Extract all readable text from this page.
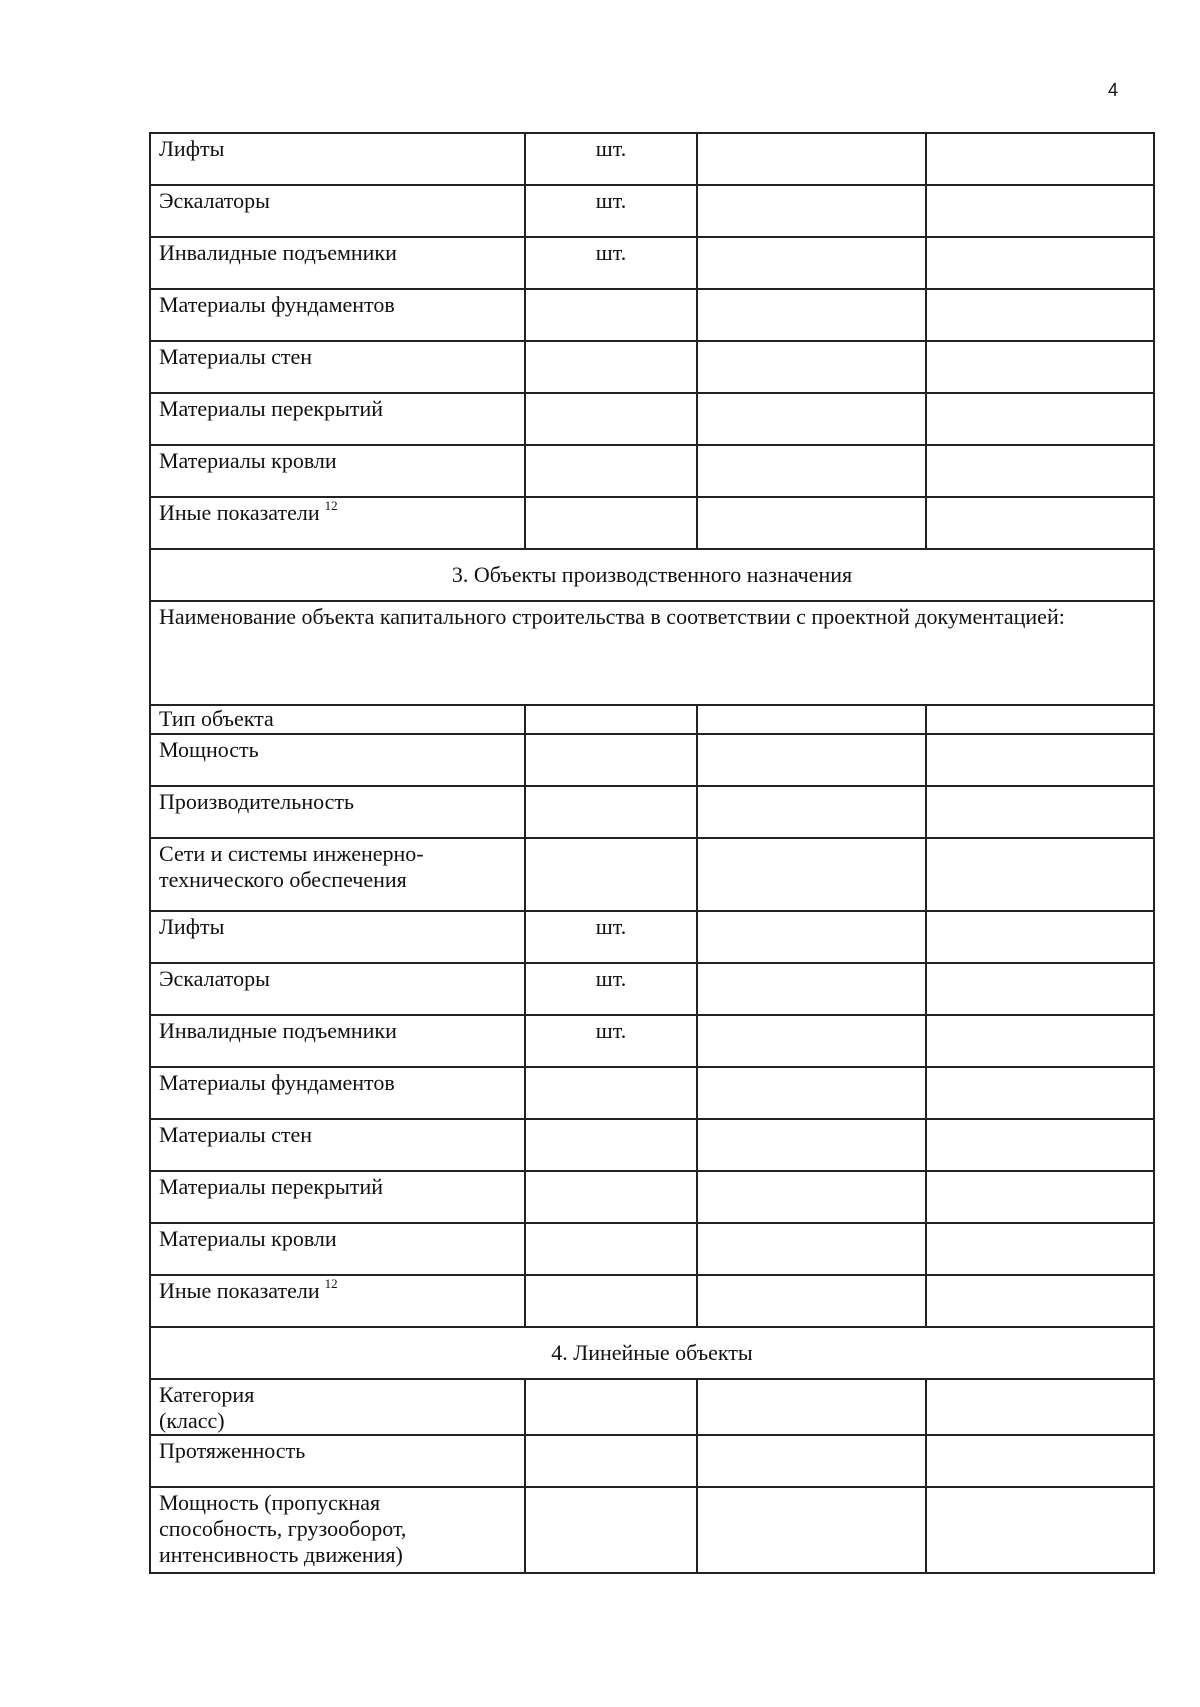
4
Лифты	шт.
Эскалаторы	шт.
Инвалидные подъемники	шт.
Материалы фундаментов
Материалы стен
Материалы перекрытий
Материалы кровли
Иные показатели $^{12}$
3. Объекты производственного назначения
Наименование объекта капитального строительства в соответствии с проектной документацией:
Тип объекта
Мощность
Производительность
Сети и системы инженерно-
технического обеспечения
Лифты	шт.
Эскалаторы	шт.
Инвалидные подъемники	шт.
Материалы фундаментов
Материалы стен
Материалы перекрытий
Материалы кровли
Иные показатели $^{12}$
4. Линейные объекты
Категория
(класс)
Протяженность
Мощность (пропускная
способность, грузооборот,
интенсивность движения)
